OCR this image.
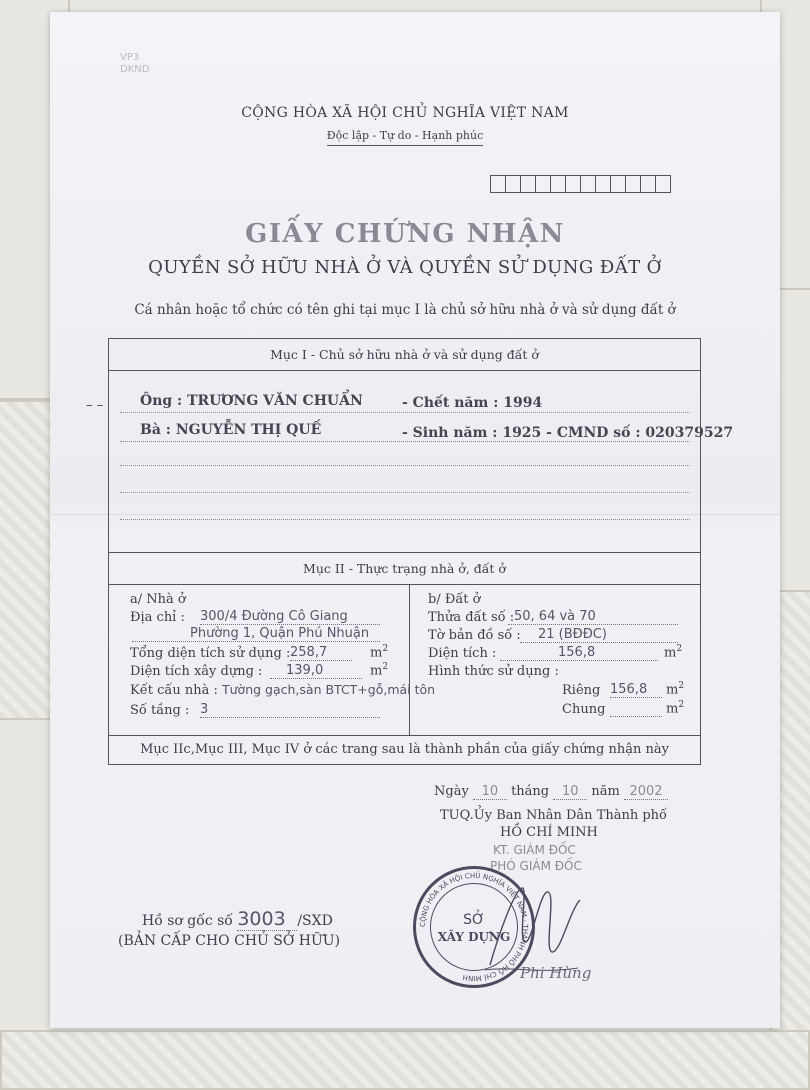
VP3 DKND
CỘNG HÒA XÃ HỘI CHỦ NGHĨA VIỆT NAM
Độc lập - Tự do - Hạnh phúc
GIẤY CHỨNG NHẬN
QUYỀN SỞ HỮU NHÀ Ở VÀ QUYỀN SỬ DỤNG ĐẤT Ở
Cá nhân hoặc tổ chức có tên ghi tại mục I là chủ sở hữu nhà ở và sử dụng đất ở
Mục I - Chủ sở hữu nhà ở và sử dụng đất ở
– –	Ông : TRƯƠNG VĂN CHUẨN	- Chết năm : 1994
Bà : NGUYỄN THỊ QUẾ	- Sinh năm : 1925 - CMND số : 020379527
Mục II - Thực trạng nhà ở, đất ở
a/ Nhà ở
Địa chỉ : 300/4 Đường Cô Giang
Phường 1, Quận Phú Nhuận
Tổng diện tích sử dụng : 258,7	$m^2$
Diện tích xây dựng :	139,0	$m^2$
Kết cấu nhà : Tường gạch,sàn BTCT+gỗ,mái tôn
Số tầng : 3
b/ Đất ở
Thửa đất số : 50, 64 và 70
Tờ bản đồ số :	21 (BĐĐC)
Diện tích :	156,8	$m^2$
Hình thức sử dụng :
Riêng 156,8	$m^2$
Chung	$m^2$
Mục IIc,Mục III, Mục IV ở các trang sau là thành phần của giấy chứng nhận này
Ngày 10 tháng 10 năm 2002
TUQ.Ủy Ban Nhân Dân Thành phố
HỒ CHÍ MINH
KT. GIÁM ĐỐC
PHÓ GIÁM ĐỐC
CỘNG HÒA XÃ HỘI CHỦ NGHĨA VIỆT NAM · THÀNH PHỐ HỒ CHÍ MINH
SỞ
XÂY DỰNG
Phi Hùng
Hồ sơ gốc số 3003 /SXD
(BẢN CẤP CHO CHỦ SỞ HỮU)
